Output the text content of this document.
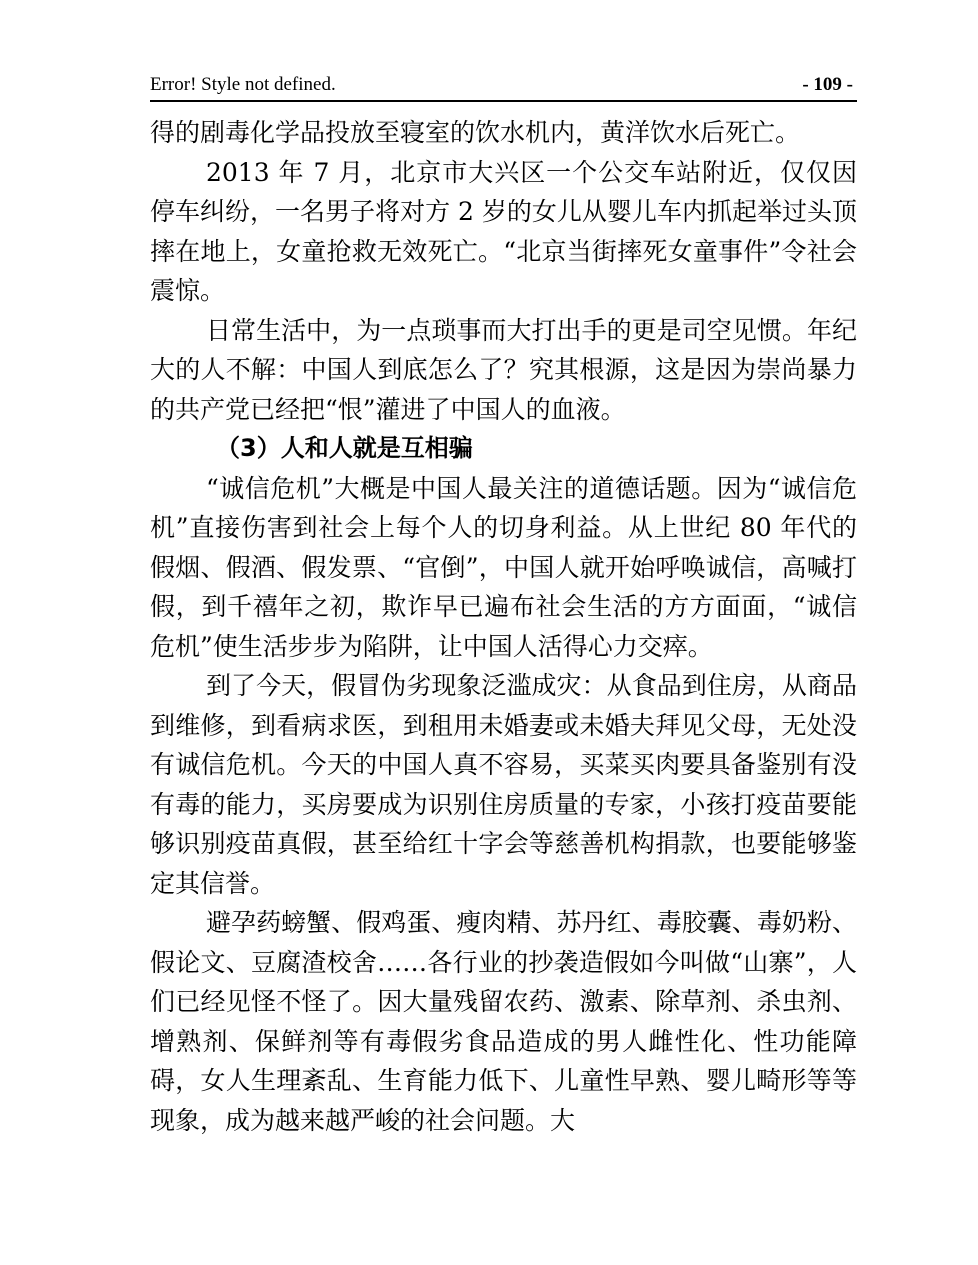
Error! Style not defined.	- 109 -

得的剧毒化学品投放至寝室的饮水机内，黄洋饮水后死亡。

2013 年 7 月，北京市大兴区一个公交车站附近，仅仅因停车纠纷，一名男子将对方 2 岁的女儿从婴儿车内抓起举过头顶摔在地上，女童抢救无效死亡。“北京当街摔死女童事件”令社会震惊。

日常生活中，为一点琐事而大打出手的更是司空见惯。年纪大的人不解：中国人到底怎么了？究其根源，这是因为崇尚暴力的共产党已经把“恨”灌进了中国人的血液。

（3）人和人就是互相骗

“诚信危机”大概是中国人最关注的道德话题。因为“诚信危机”直接伤害到社会上每个人的切身利益。从上世纪 80 年代的假烟、假酒、假发票、“官倒”，中国人就开始呼唤诚信，高喊打假，到千禧年之初，欺诈早已遍布社会生活的方方面面，“诚信危机”使生活步步为陷阱，让中国人活得心力交瘁。

到了今天，假冒伪劣现象泛滥成灾：从食品到住房，从商品到维修，到看病求医，到租用未婚妻或未婚夫拜见父母，无处没有诚信危机。今天的中国人真不容易，买菜买肉要具备鉴别有没有毒的能力，买房要成为识别住房质量的专家，小孩打疫苗要能够识别疫苗真假，甚至给红十字会等慈善机构捐款，也要能够鉴定其信誉。

避孕药螃蟹、假鸡蛋、瘦肉精、苏丹红、毒胶囊、毒奶粉、假论文、豆腐渣校舍……各行业的抄袭造假如今叫做“山寨”，人们已经见怪不怪了。因大量残留农药、激素、除草剂、杀虫剂、增熟剂、保鲜剂等有毒假劣食品造成的男人雌性化、性功能障碍，女人生理紊乱、生育能力低下、儿童性早熟、婴儿畸形等等现象，成为越来越严峻的社会问题。大
